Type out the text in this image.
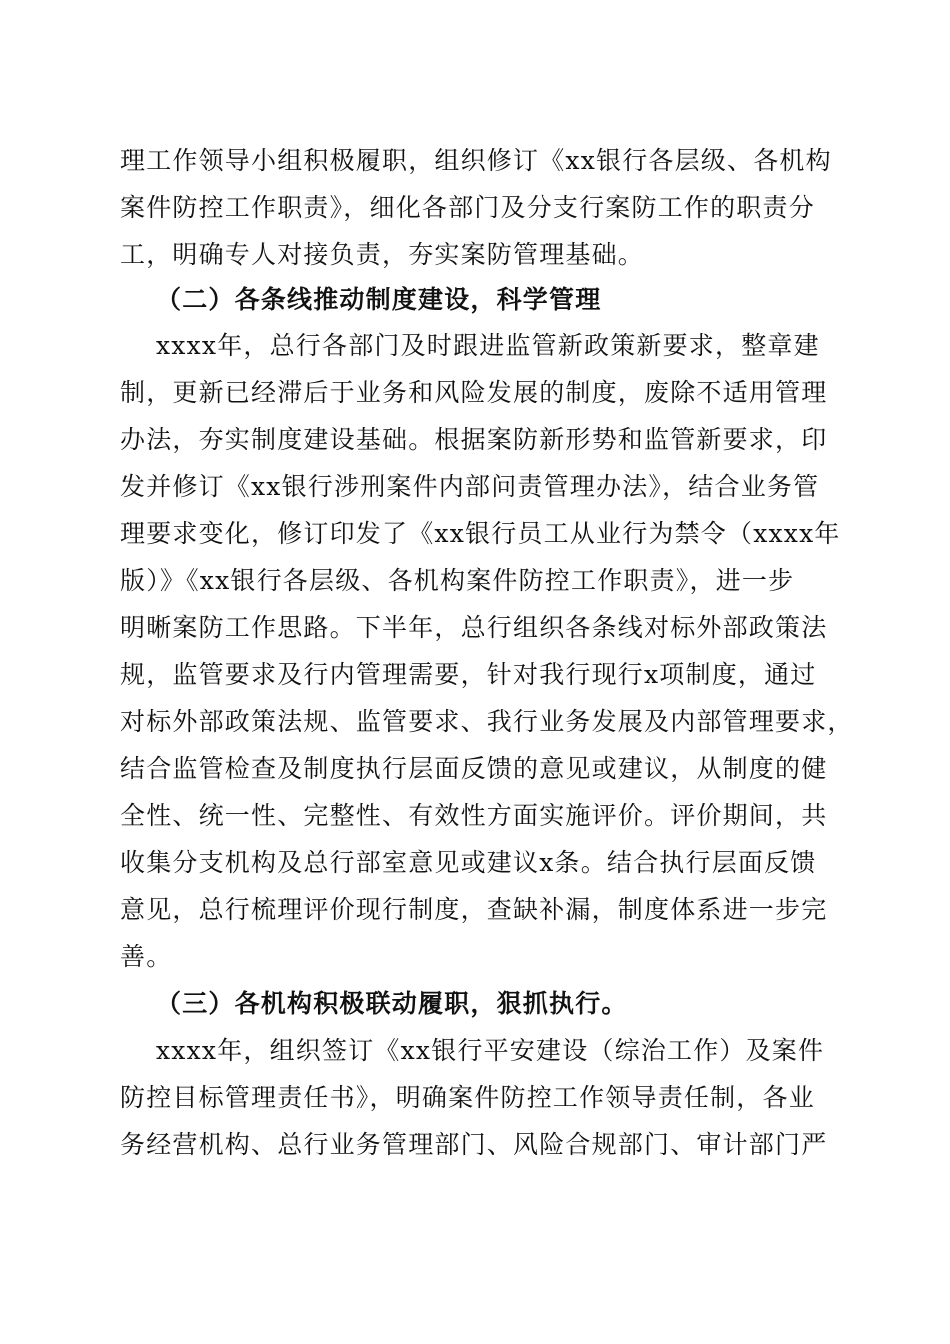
理工作领导小组积极履职，组织修订《xx银行各层级、各机构
案件防控工作职责》，细化各部门及分支行案防工作的职责分
工，明确专人对接负责，夯实案防管理基础。
（二）各条线推动制度建设，科学管理
xxxx年，总行各部门及时跟进监管新政策新要求，整章建
制，更新已经滞后于业务和风险发展的制度，废除不适用管理
办法，夯实制度建设基础。根据案防新形势和监管新要求，印
发并修订《xx银行涉刑案件内部问责管理办法》，结合业务管
理要求变化，修订印发了《xx银行员工从业行为禁令（xxxx年
版）》《xx银行各层级、各机构案件防控工作职责》，进一步
明晰案防工作思路。下半年，总行组织各条线对标外部政策法
规，监管要求及行内管理需要，针对我行现行x项制度，通过
对标外部政策法规、监管要求、我行业务发展及内部管理要求，
结合监管检查及制度执行层面反馈的意见或建议，从制度的健
全性、统一性、完整性、有效性方面实施评价。评价期间，共
收集分支机构及总行部室意见或建议x条。结合执行层面反馈
意见，总行梳理评价现行制度，查缺补漏，制度体系进一步完
善。
（三）各机构积极联动履职，狠抓执行。
xxxx年，组织签订《xx银行平安建设（综治工作）及案件
防控目标管理责任书》，明确案件防控工作领导责任制，各业
务经营机构、总行业务管理部门、风险合规部门、审计部门严
